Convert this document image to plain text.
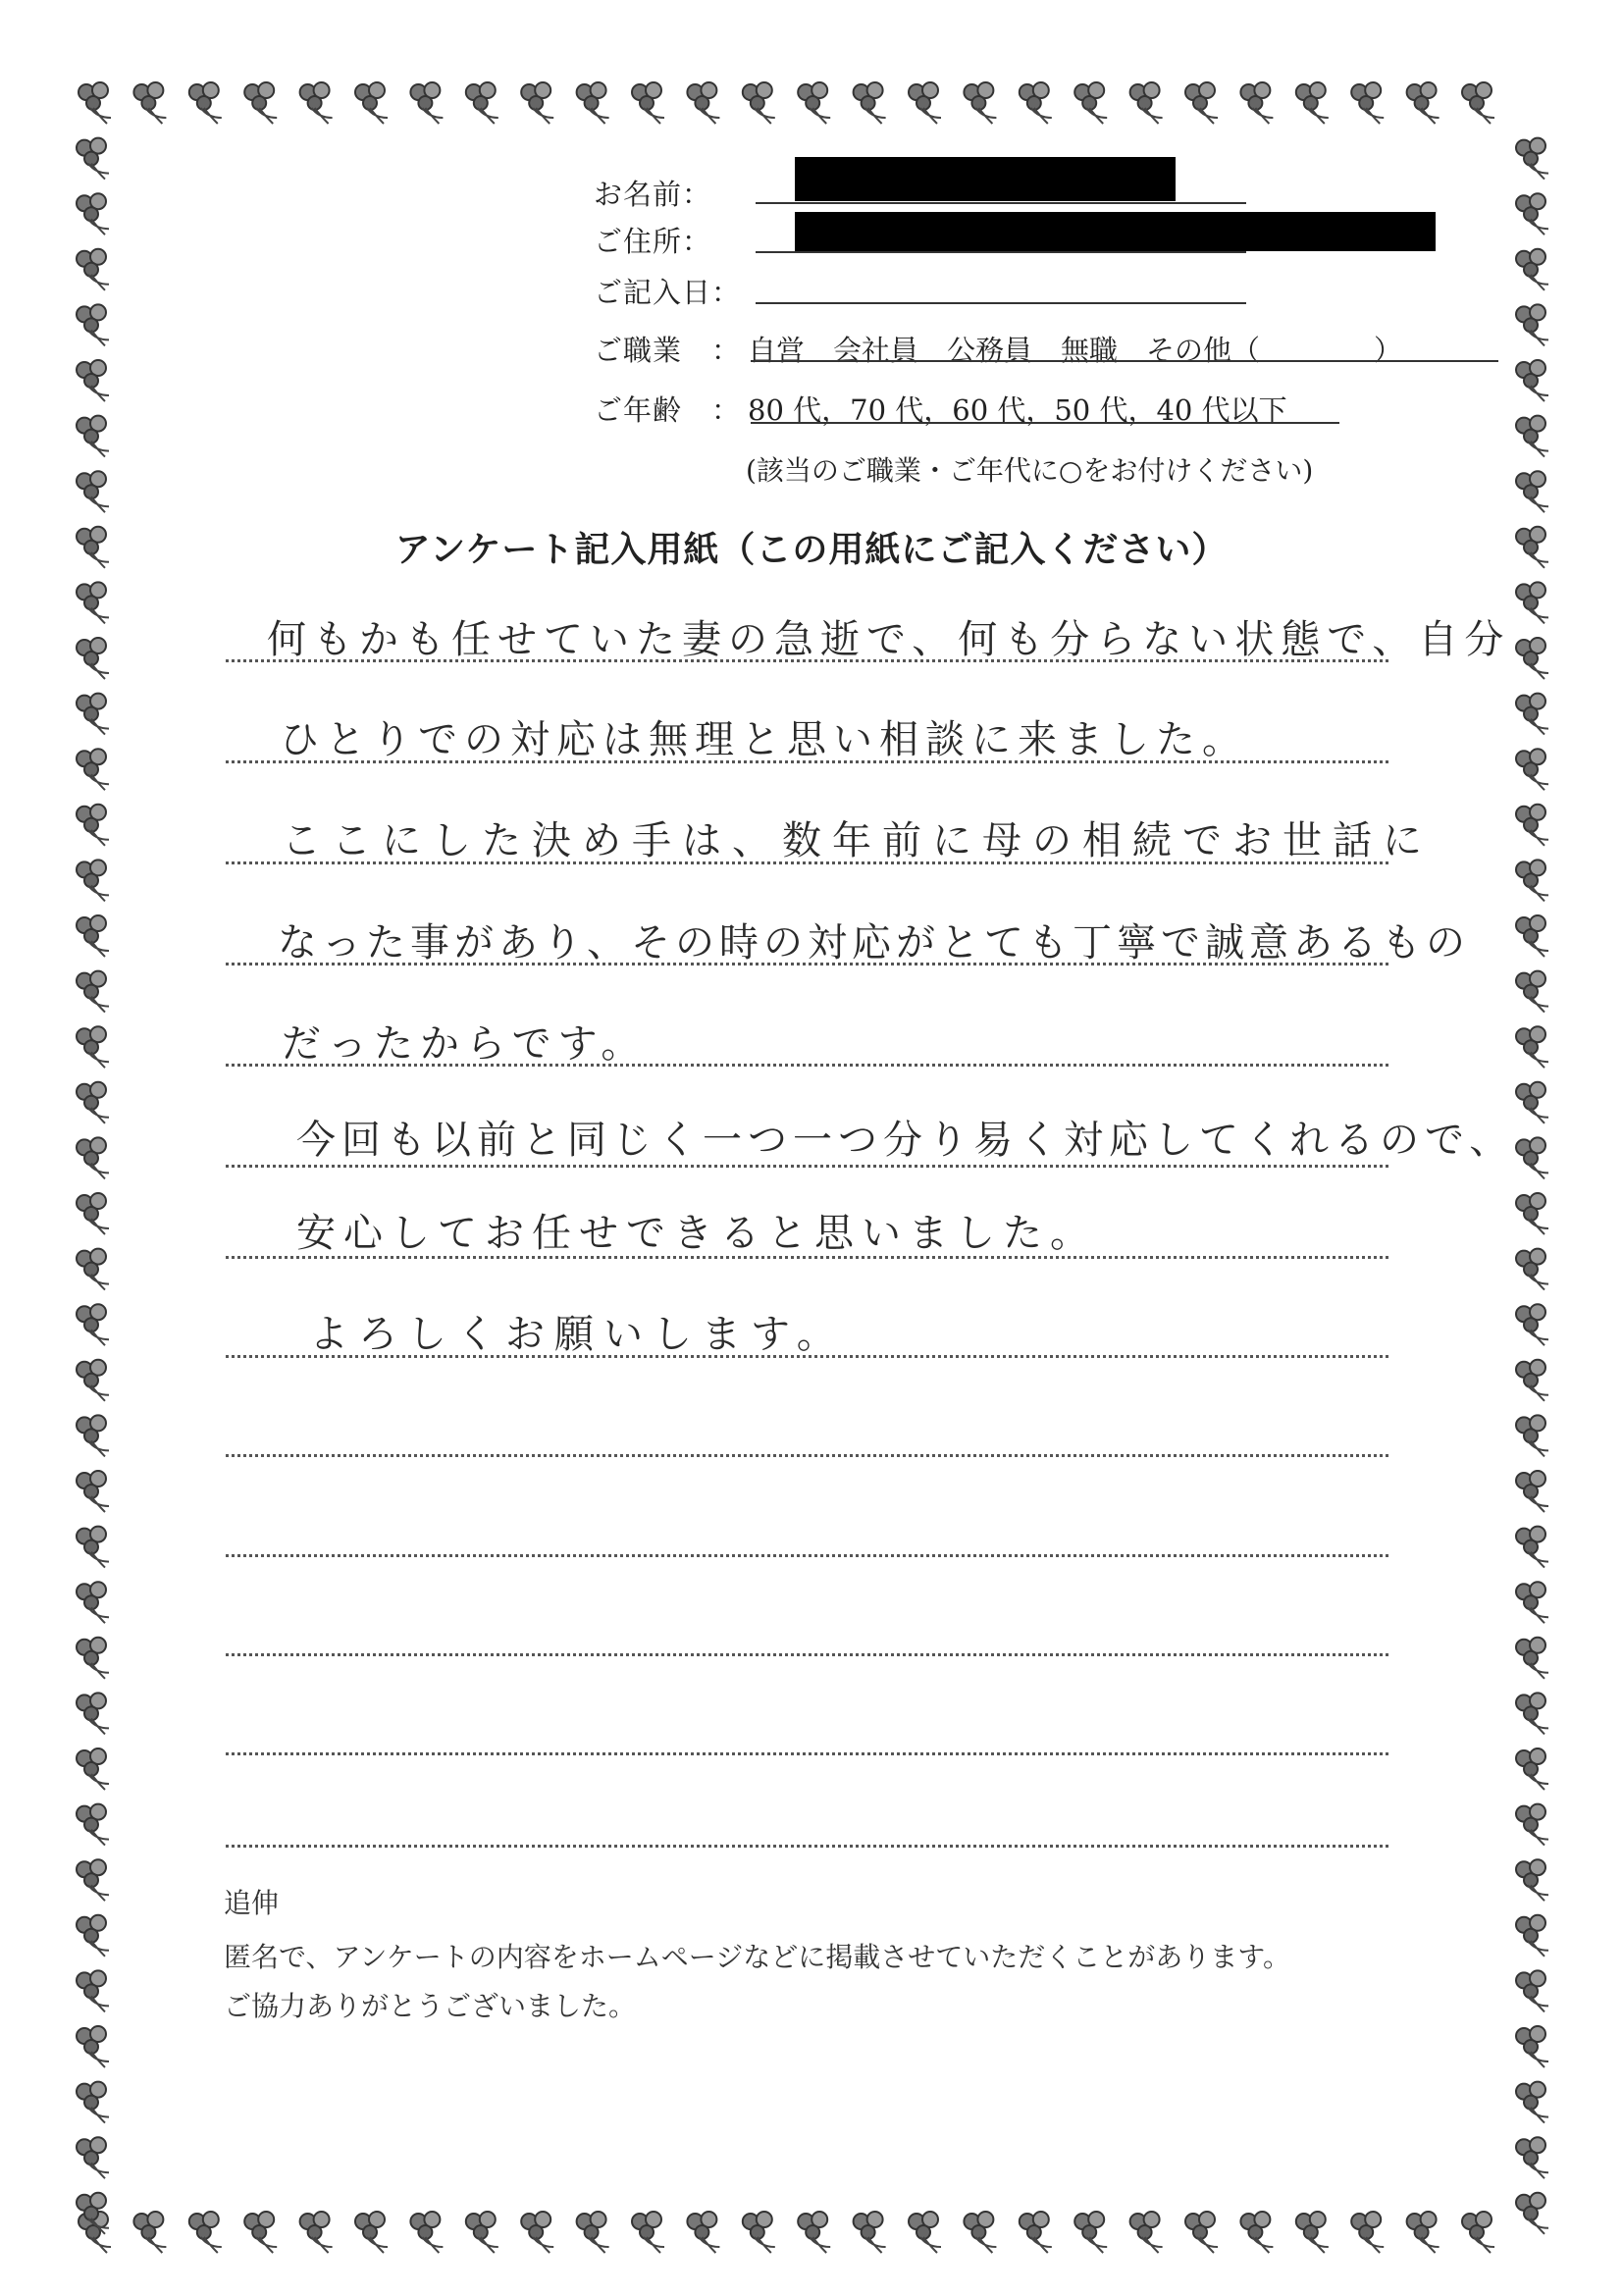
お名前：
ご住所：
ご記入日：
ご職業　： 自営　会社員　公務員　無職　その他（　　　　）
ご年齢　： 80 代，70 代，60 代，50 代，40 代以下
(該当のご職業・ご年代に○をお付けください)
アンケート記入用紙（この用紙にご記入ください）
何もかも任せていた妻の急逝で、何も分らない状態で、自分
ひとりでの対応は無理と思い相談に来ました。
ここにした決め手は、数年前に母の相続でお世話に
なった事があり、その時の対応がとても丁寧で誠意あるもの
だったからです。
今回も以前と同じく一つ一つ分り易く対応してくれるので、
安心してお任せできると思いました。
よろしくお願いします。
追伸
匿名で、アンケートの内容をホームページなどに掲載させていただくことがあります。
ご協力ありがとうございました。
